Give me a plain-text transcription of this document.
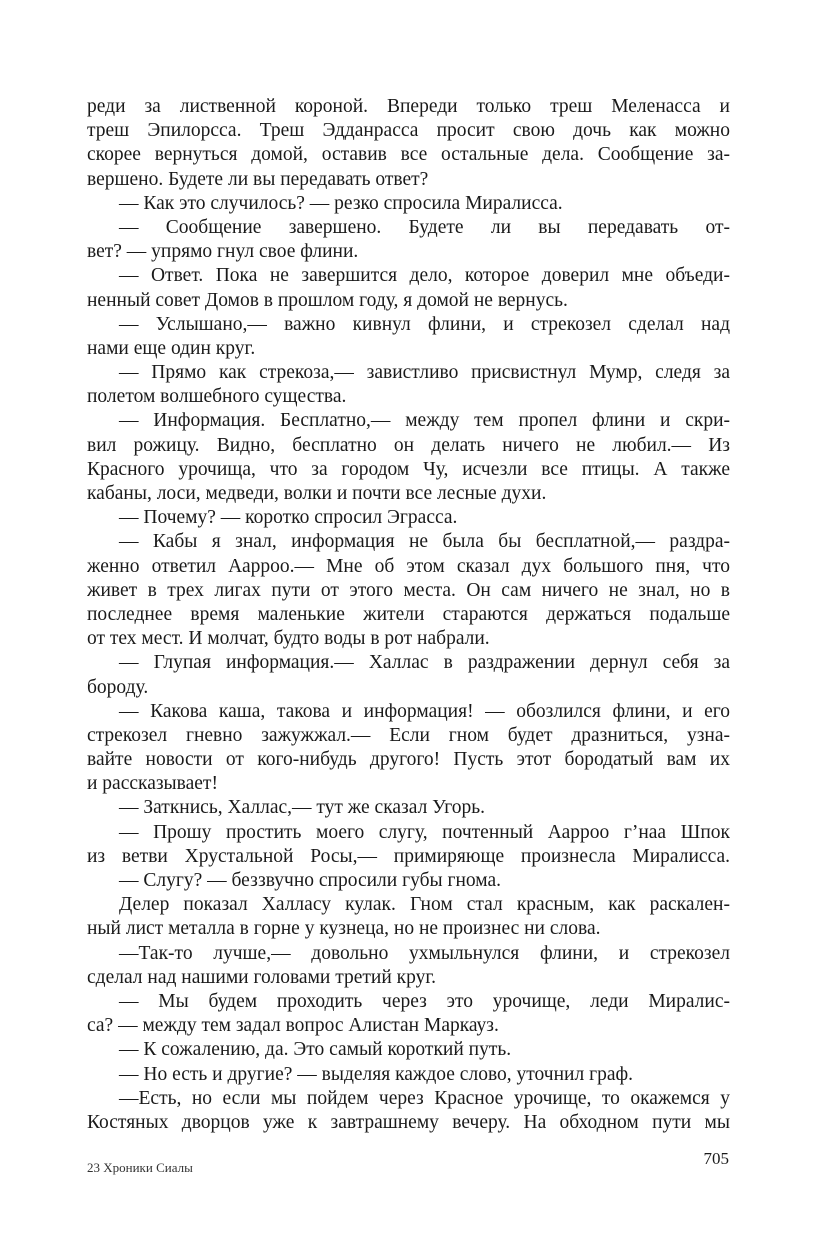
реди за лиственной короной. Впереди только треш Меленасса и
треш Эпилорсса. Треш Эдданрасса просит свою дочь как можно
скорее вернуться домой, оставив все остальные дела. Сообщение за-
вершено. Будете ли вы передавать ответ?
— Как это случилось? — резко спросила Миралисса.
— Сообщение завершено. Будете ли вы передавать от-
вет? — упрямо гнул свое флини.
— Ответ. Пока не завершится дело, которое доверил мне объеди-
ненный совет Домов в прошлом году, я домой не вернусь.
— Услышано,— важно кивнул флини, и стрекозел сделал над
нами еще один круг.
— Прямо как стрекоза,— завистливо присвистнул Мумр, следя за
полетом волшебного существа.
— Информация. Бесплатно,— между тем пропел флини и скри-
вил рожицу. Видно, бесплатно он делать ничего не любил.— Из
Красного урочища, что за городом Чу, исчезли все птицы. А также
кабаны, лоси, медведи, волки и почти все лесные духи.
— Почему? — коротко спросил Эграсса.
— Кабы я знал, информация не была бы бесплатной,— раздра-
женно ответил Ааррoo.— Мне об этом сказал дух большого пня, что
живет в трех лигах пути от этого места. Он сам ничего не знал, но в
последнее время маленькие жители стараются держаться подальше
от тех мест. И молчат, будто воды в рот набрали.
— Глупая информация.— Халлас в раздражении дернул себя за
бороду.
— Какова каша, такова и информация! — обозлился флини, и его
стрекозел гневно зажужжал.— Если гном будет дразниться, узна-
вайте новости от кого-нибудь другого! Пусть этот бородатый вам их
и рассказывает!
— Заткнись, Халлас,— тут же сказал Угорь.
— Прошу простить моего слугу, почтенный Ааррoo г’наа Шпок
из ветви Хрустальной Росы,— примиряюще произнесла Миралисса.
— Слугу? — беззвучно спросили губы гнома.
Делер показал Халласу кулак. Гном стал красным, как раскален-
ный лист металла в горне у кузнеца, но не произнес ни слова.
—Так-то лучше,— довольно ухмыльнулся флини, и стрекозел
сделал над нашими головами третий круг.
— Мы будем проходить через это урочище, леди Миралис-
са? — между тем задал вопрос Алистан Маркауз.
— К сожалению, да. Это самый короткий путь.
— Но есть и другие? — выделяя каждое слово, уточнил граф.
—Есть, но если мы пойдем через Красное урочище, то окажемся у
Костяных дворцов уже к завтрашнему вечеру. На обходном пути мы
23 Хроники Сиалы	705
